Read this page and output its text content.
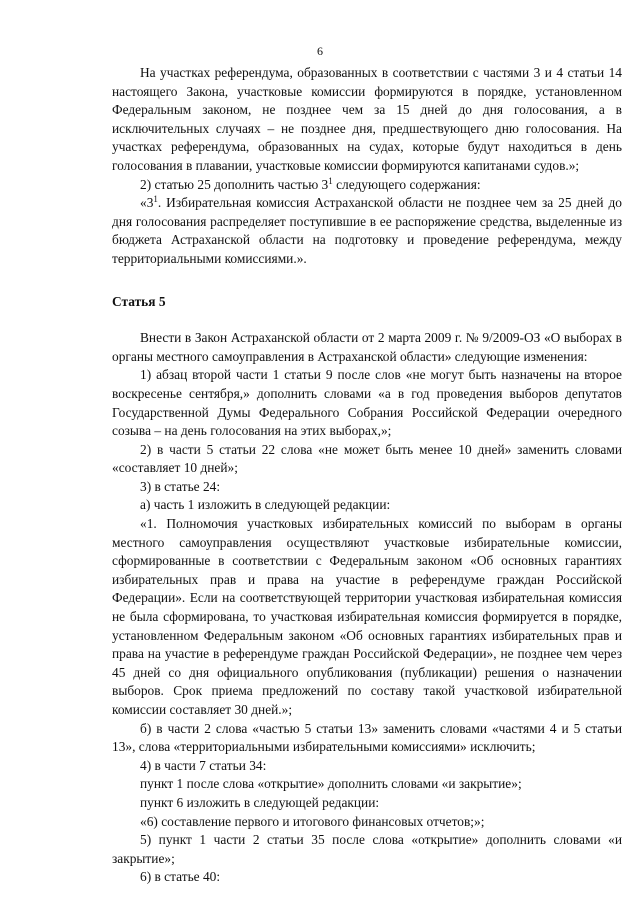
6

На участках референдума, образованных в соответствии с частями 3 и 4 статьи 14 настоящего Закона, участковые комиссии формируются в порядке, установленном Федеральным законом, не позднее чем за 15 дней до дня голосования, а в исключительных случаях – не позднее дня, предшествующего дню голосования. На участках референдума, образованных на судах, которые будут находиться в день голосования в плавании, участковые комиссии формируются капитанами судов.»;

2) статью 25 дополнить частью $3^1$ следующего содержания:

«$3^1$. Избирательная комиссия Астраханской области не позднее чем за 25 дней до дня голосования распределяет поступившие в ее распоряжение средства, выделенные из бюджета Астраханской области на подготовку и проведение референдума, между территориальными комиссиями.».

Статья 5

Внести в Закон Астраханской области от 2 марта 2009 г. № 9/2009-ОЗ «О выборах в органы местного самоуправления в Астраханской области» следующие изменения:

1) абзац второй части 1 статьи 9 после слов «не могут быть назначены на второе воскресенье сентября,» дополнить словами «а в год проведения выборов депутатов Государственной Думы Федерального Собрания Российской Федерации очередного созыва – на день голосования на этих выборах,»;

2) в части 5 статьи 22 слова «не может быть менее 10 дней» заменить словами «составляет 10 дней»;

3) в статье 24:

а) часть 1 изложить в следующей редакции:

«1. Полномочия участковых избирательных комиссий по выборам в органы местного самоуправления осуществляют участковые избирательные комиссии, сформированные в соответствии с Федеральным законом «Об основных гарантиях избирательных прав и права на участие в референдуме граждан Российской Федерации». Если на соответствующей территории участковая избирательная комиссия не была сформирована, то участковая избирательная комиссия формируется в порядке, установленном Федеральным законом «Об основных гарантиях избирательных прав и права на участие в референдуме граждан Российской Федерации», не позднее чем через 45 дней со дня официального опубликования (публикации) решения о назначении выборов. Срок приема предложений по составу такой участковой избирательной комиссии составляет 30 дней.»;

б) в части 2 слова «частью 5 статьи 13» заменить словами «частями 4 и 5 статьи 13», слова «территориальными избирательными комиссиями» исключить;

4) в части 7 статьи 34:

пункт 1 после слова «открытие» дополнить словами «и закрытие»;

пункт 6 изложить в следующей редакции:

«6) составление первого и итогового финансовых отчетов;»;

5) пункт 1 части 2 статьи 35 после слова «открытие» дополнить словами «и закрытие»;

6) в статье 40:
